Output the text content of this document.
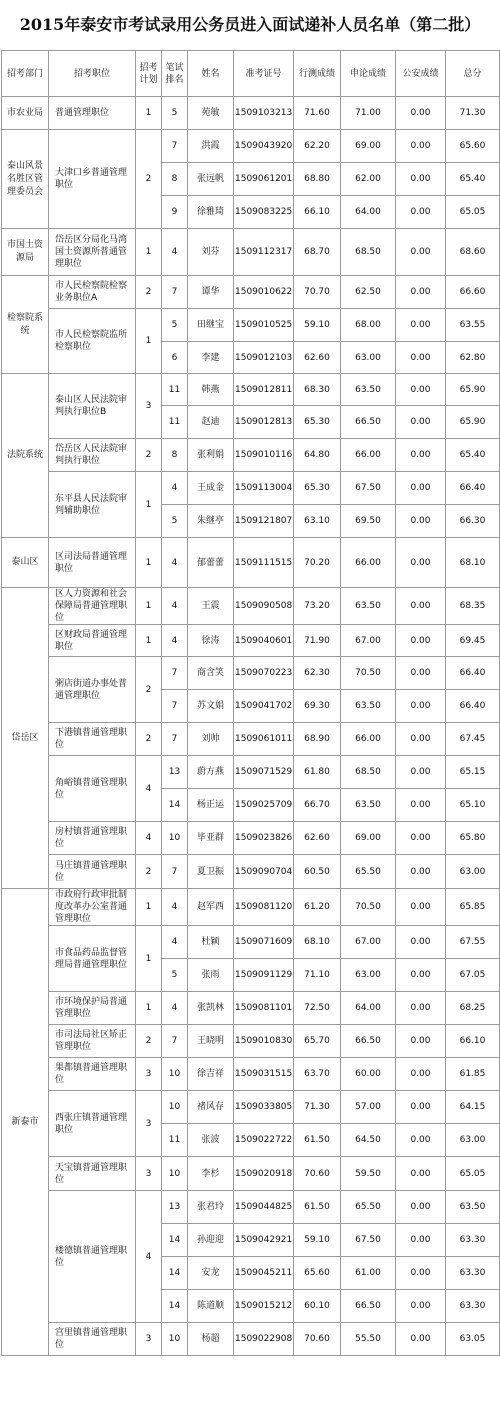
2015年泰安市考试录用公务员进入面试递补人员名单（第二批）
招考部门	招考职位	招考计划	笔试排名	姓名	准考证号	行测成绩	申论成绩	公安成绩	总分
市农业局	普通管理职位	1	5	苑敏	1509103213	71.60	71.00	0.00	71.30
泰山风景名胜区管理委员会	大津口乡普通管理职位	2	7	洪霞	1509043920	62.20	69.00	0.00	65.60
			8	张远帆	1509061201	68.80	62.00	0.00	65.40
			9	徐雅琦	1509083225	66.10	64.00	0.00	65.05
市国土资源局	岱岳区分局化马湾国土资源所普通管理职位	1	4	刘芬	1509112317	68.70	68.50	0.00	68.60
检察院系统	市人民检察院检察业务职位A	2	7	谭华	1509010622	70.70	62.50	0.00	66.60
	市人民检察院监所检察职位	1	5	田继宝	1509010525	59.10	68.00	0.00	63.55
			6	李建	1509012103	62.60	63.00	0.00	62.80
法院系统	泰山区人民法院审判执行职位B	3	11	韩燕	1509012811	68.30	63.50	0.00	65.90
			11	赵迪	1509012813	65.30	66.50	0.00	65.90
	岱岳区人民法院审判执行职位	2	8	张利娟	1509010116	64.80	66.00	0.00	65.40
	东平县人民法院审判辅助职位	1	4	王成金	1509113004	65.30	67.50	0.00	66.40
			5	朱继亭	1509121807	63.10	69.50	0.00	66.30
泰山区	区司法局普通管理职位	1	4	郁蕾蕾	1509111515	70.20	66.00	0.00	68.10
岱岳区	区人力资源和社会保障局普通管理职位	1	4	王震	1509090508	73.20	63.50	0.00	68.35
	区财政局普通管理职位	1	4	徐涛	1509040601	71.90	67.00	0.00	69.45
	粥店街道办事处普通管理职位	2	7	商含笑	1509070223	62.30	70.50	0.00	66.40
			7	苏文娟	1509041702	69.30	63.50	0.00	66.40
	下港镇普通管理职位	2	7	刘帅	1509061011	68.90	66.00	0.00	67.45
	角峪镇普通管理职位	4	13	蔚方燕	1509071529	61.80	68.50	0.00	65.15
			14	杨正运	1509025709	66.70	63.50	0.00	65.10
	房村镇普通管理职位	4	10	毕亚群	1509023826	62.60	69.00	0.00	65.80
	马庄镇普通管理职位	2	7	夏卫振	1509090704	60.50	65.50	0.00	63.00
新泰市	市政府行政审批制度改革办公室普通管理职位	1	4	赵军西	1509081120	61.20	70.50	0.00	65.85
	市食品药品监督管理局普通管理职位	1	4	杜颖	1509071609	68.10	67.00	0.00	67.55
			5	张雨	1509091129	71.10	63.00	0.00	67.05
	市环境保护局普通管理职位	1	4	张凯林	1509081101	72.50	64.00	0.00	68.25
	市司法局社区矫正管理职位	2	7	王晓明	1509010830	65.70	66.50	0.00	66.10
	果都镇普通管理职位	3	10	徐吉祥	1509031515	63.70	60.00	0.00	61.85
	西张庄镇普通管理职位	3	10	褚风存	1509033805	71.30	57.00	0.00	64.15
			11	张波	1509022722	61.50	64.50	0.00	63.00
	天宝镇普通管理职位	3	10	李杉	1509020918	70.60	59.50	0.00	65.05
	楼德镇普通管理职位	4	13	张君玲	1509044825	61.50	65.50	0.00	63.50
			14	孙迎迎	1509042921	59.10	67.50	0.00	63.30
			14	安龙	1509045211	65.60	61.00	0.00	63.30
			14	陈道顺	1509015212	60.10	66.50	0.00	63.30
	宫里镇普通管理职位	3	10	杨超	1509022908	70.60	55.50	0.00	63.05
